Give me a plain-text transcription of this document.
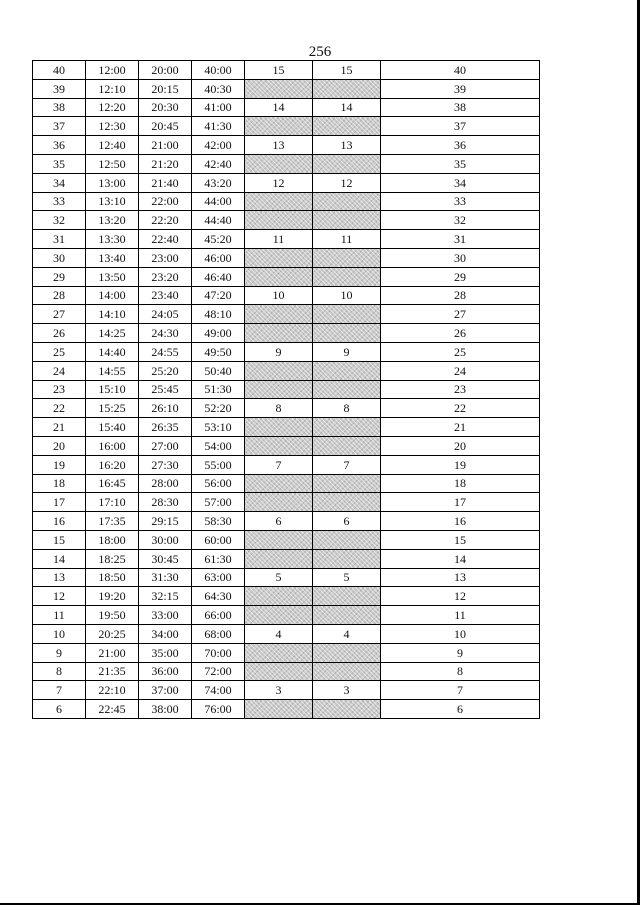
256
40	12:00	20:00	40:00	15	15	40
39	12:10	20:15	40:30			39
38	12:20	20:30	41:00	14	14	38
37	12:30	20:45	41:30			37
36	12:40	21:00	42:00	13	13	36
35	12:50	21:20	42:40			35
34	13:00	21:40	43:20	12	12	34
33	13:10	22:00	44:00			33
32	13:20	22:20	44:40			32
31	13:30	22:40	45:20	11	11	31
30	13:40	23:00	46:00			30
29	13:50	23:20	46:40			29
28	14:00	23:40	47:20	10	10	28
27	14:10	24:05	48:10			27
26	14:25	24:30	49:00			26
25	14:40	24:55	49:50	9	9	25
24	14:55	25:20	50:40			24
23	15:10	25:45	51:30			23
22	15:25	26:10	52:20	8	8	22
21	15:40	26:35	53:10			21
20	16:00	27:00	54:00			20
19	16:20	27:30	55:00	7	7	19
18	16:45	28:00	56:00			18
17	17:10	28:30	57:00			17
16	17:35	29:15	58:30	6	6	16
15	18:00	30:00	60:00			15
14	18:25	30:45	61:30			14
13	18:50	31:30	63:00	5	5	13
12	19:20	32:15	64:30			12
11	19:50	33:00	66:00			11
10	20:25	34:00	68:00	4	4	10
9	21:00	35:00	70:00			9
8	21:35	36:00	72:00			8
7	22:10	37:00	74:00	3	3	7
6	22:45	38:00	76:00			6
